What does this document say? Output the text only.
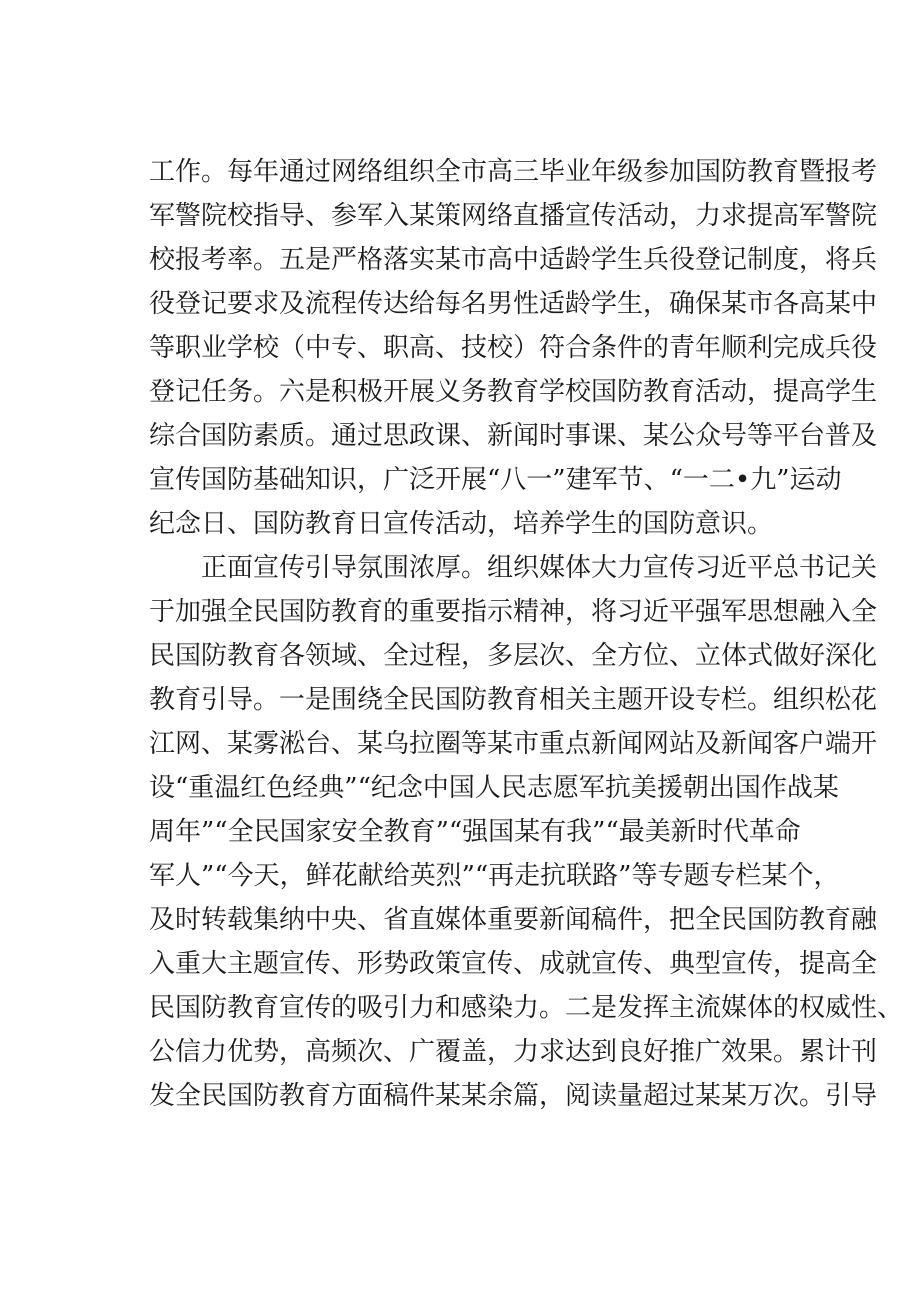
工作。每年通过网络组织全市高三毕业年级参加国防教育暨报考
军警院校指导、参军入某策网络直播宣传活动，力求提高军警院
校报考率。五是严格落实某市高中适龄学生兵役登记制度，将兵
役登记要求及流程传达给每名男性适龄学生，确保某市各高某中
等职业学校（中专、职高、技校）符合条件的青年顺利完成兵役
登记任务。六是积极开展义务教育学校国防教育活动，提高学生
综合国防素质。通过思政课、新闻时事课、某公众号等平台普及
宣传国防基础知识，广泛开展“八一”建军节、“一二•九”运动
纪念日、国防教育日宣传活动，培养学生的国防意识。
正面宣传引导氛围浓厚。组织媒体大力宣传习近平总书记关
于加强全民国防教育的重要指示精神，将习近平强军思想融入全
民国防教育各领域、全过程，多层次、全方位、立体式做好深化
教育引导。一是围绕全民国防教育相关主题开设专栏。组织松花
江网、某雾淞台、某乌拉圈等某市重点新闻网站及新闻客户端开
设“重温红色经典”“纪念中国人民志愿军抗美援朝出国作战某
周年”“全民国家安全教育”“强国某有我”“最美新时代革命
军人”“今天，鲜花献给英烈”“再走抗联路”等专题专栏某个，
及时转载集纳中央、省直媒体重要新闻稿件，把全民国防教育融
入重大主题宣传、形势政策宣传、成就宣传、典型宣传，提高全
民国防教育宣传的吸引力和感染力。二是发挥主流媒体的权威性、
公信力优势，高频次、广覆盖，力求达到良好推广效果。累计刊
发全民国防教育方面稿件某某余篇，阅读量超过某某万次。引导
